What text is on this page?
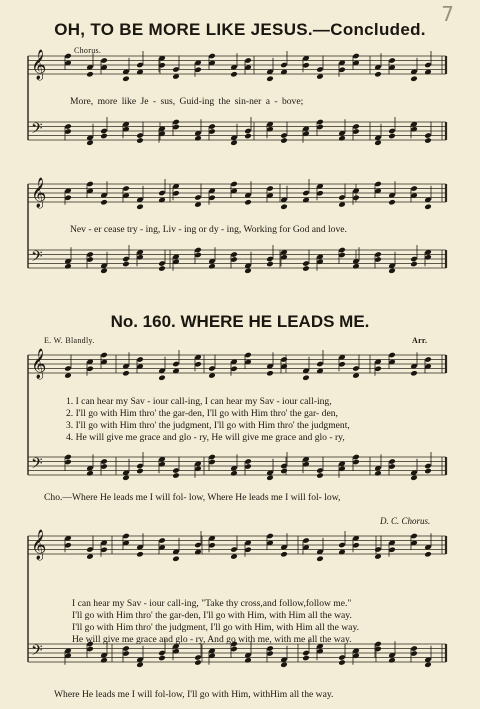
7
OH, TO BE MORE LIKE JESUS.—Concluded.
𝄞
𝄢
𝄞
𝄢
𝄞
𝄢
𝄞
𝄢
Chorus.
More, more like Je - sus, Guid-ing the sin-ner a - bove;
Nev - er cease try - ing, Liv - ing or dy - ing, Working for God and love.
No. 160. WHERE HE LEADS ME.
E. W. Blandly.	Arr.
1. I can hear my Sav - iour call-ing, I can hear my Sav - iour call-ing,
2. I'll go with Him thro' the gar-den, I'll go with Him thro' the gar- den,
3. I'll go with Him thro' the judgment, I'll go with Him thro' the judgment,
4. He will give me grace and glo - ry, He will give me grace and glo - ry,
Cho.—Where He leads me I will fol- low, Where He leads me I will fol- low,
D. C. Chorus.
I can hear my Sav - iour call-ing, "Take thy cross,and follow,follow me."
I'll go with Him thro' the gar-den, I'll go with Him, with Him all the way.
I'll go with Him thro' the judgment, I'll go with Him, with Him all the way.
He will give me grace and glo - ry, And go with me, with me all the way.
Where He leads me I will fol-low, I'll go with Him, withHim all the way.
